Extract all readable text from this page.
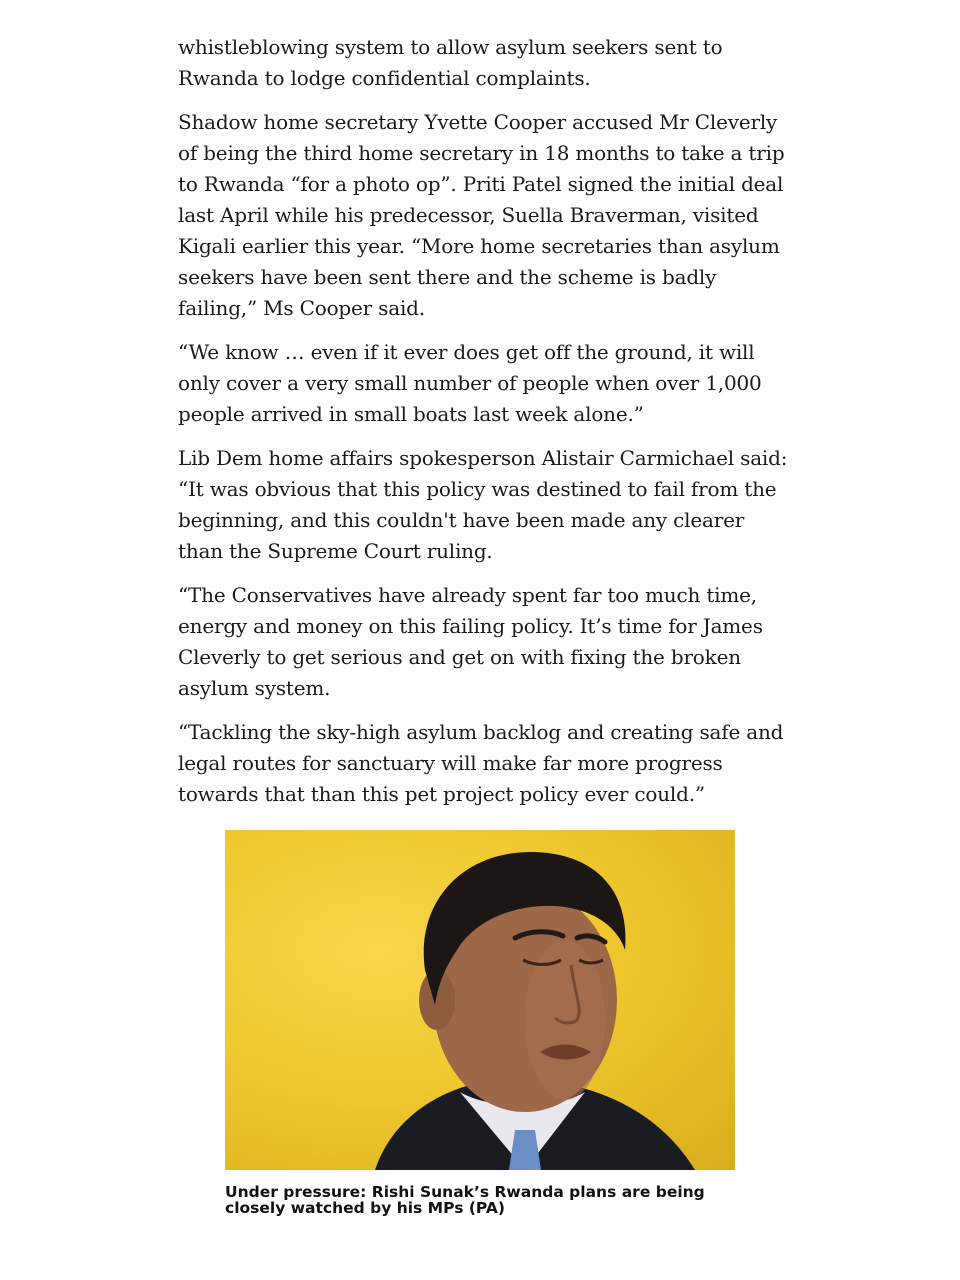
whistleblowing system to allow asylum seekers sent to Rwanda to lodge confidential complaints.

Shadow home secretary Yvette Cooper accused Mr Cleverly of being the third home secretary in 18 months to take a trip to Rwanda “for a photo op”. Priti Patel signed the initial deal last April while his predecessor, Suella Braverman, visited Kigali earlier this year. “More home secretaries than asylum seekers have been sent there and the scheme is badly failing,” Ms Cooper said.

“We know … even if it ever does get off the ground, it will only cover a very small number of people when over 1,000 people arrived in small boats last week alone.”

Lib Dem home affairs spokesperson Alistair Carmichael said: “It was obvious that this policy was destined to fail from the beginning, and this couldn't have been made any clearer than the Supreme Court ruling.

“The Conservatives have already spent far too much time, energy and money on this failing policy. It’s time for James Cleverly to get serious and get on with fixing the broken asylum system.

“Tackling the sky-high asylum backlog and creating safe and legal routes for sanctuary will make far more progress towards that than this pet project policy ever could.”

Under pressure: Rishi Sunak’s Rwanda plans are being closely watched by his MPs (PA)
